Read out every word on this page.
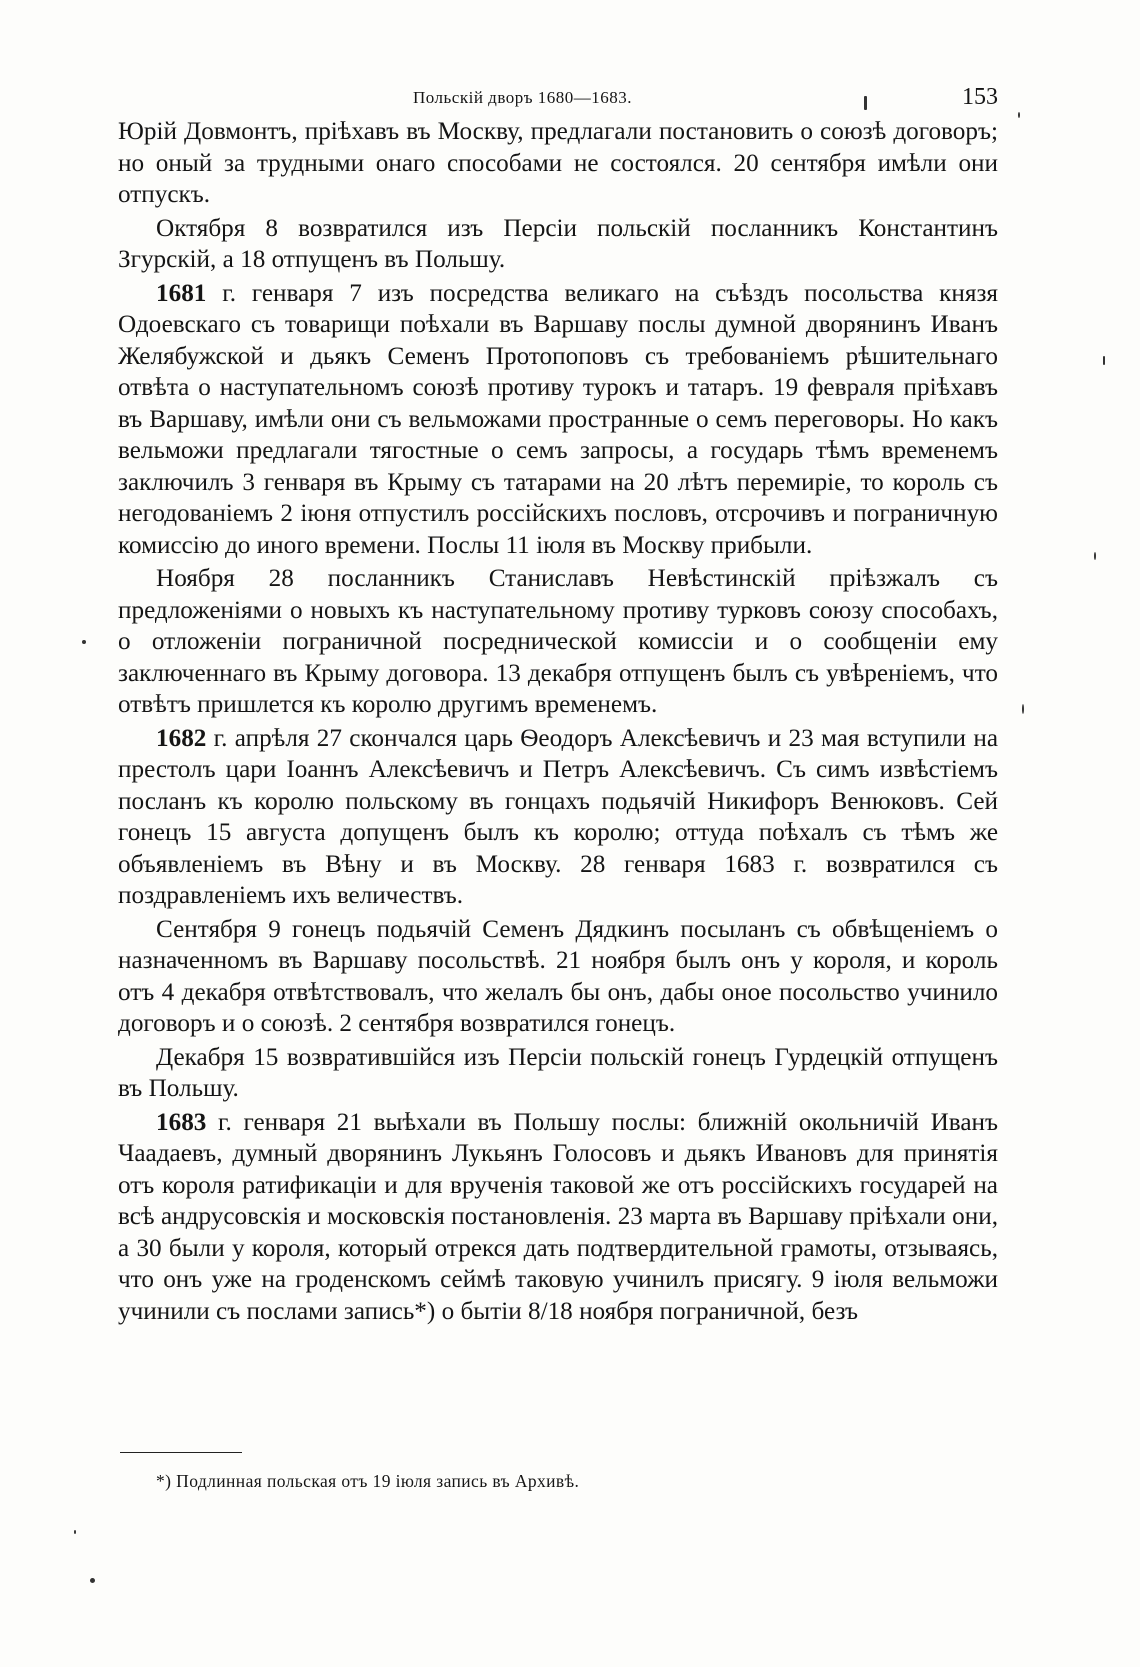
Польскій дворъ 1680—1683.	153

Юрій Довмонтъ, пріѣхавъ въ Москву, предлагали постановить о союзѣ договоръ; но оный за трудными онаго способами не состоялся. 20 сентября имѣли они отпускъ.

Октября 8 возвратился изъ Персіи польскій посланникъ Константинъ Згурскій, а 18 отпущенъ въ Польшу.

1681 г. генваря 7 изъ посредства великаго на съѣздъ посольства князя Одоевскаго съ товарищи поѣхали въ Варшаву послы думной дворянинъ Иванъ Желябужской и дьякъ Семенъ Протопоповъ съ требованіемъ рѣшительнаго отвѣта о наступательномъ союзѣ противу турокъ и татаръ. 19 февраля пріѣхавъ въ Варшаву, имѣли они съ вельможами пространные о семъ переговоры. Но какъ вельможи предлагали тягостные о семъ запросы, а государь тѣмъ временемъ заключилъ 3 генваря въ Крыму съ татарами на 20 лѣтъ перемиріе, то король съ негодованіемъ 2 іюня отпустилъ россійскихъ пословъ, отсрочивъ и пограничную комиссію до иного времени. Послы 11 іюля въ Москву прибыли.

Ноября 28 посланникъ Станиславъ Невѣстинскій пріѣзжалъ съ предложеніями о новыхъ къ наступательному противу турковъ союзу способахъ, о отложеніи пограничной посреднической комиссіи и о сообщеніи ему заключеннаго въ Крыму договора. 13 декабря отпущенъ былъ съ увѣреніемъ, что отвѣтъ пришлется къ королю другимъ временемъ.

1682 г. апрѣля 27 скончался царь Ѳеодоръ Алексѣевичъ и 23 мая вступили на престолъ цари Іоаннъ Алексѣевичъ и Петръ Алексѣевичъ. Съ симъ извѣстіемъ посланъ къ королю польскому въ гонцахъ подьячій Никифоръ Венюковъ. Сей гонецъ 15 августа допущенъ былъ къ королю; оттуда поѣхалъ съ тѣмъ же объявленіемъ въ Вѣну и въ Москву. 28 генваря 1683 г. возвратился съ поздравленіемъ ихъ величествъ.

Сентября 9 гонецъ подьячій Семенъ Дядкинъ посыланъ съ обвѣщеніемъ о назначенномъ въ Варшаву посольствѣ. 21 ноября былъ онъ у короля, и король отъ 4 декабря отвѣтствовалъ, что желалъ бы онъ, дабы оное посольство учинило договоръ и о союзѣ. 2 сентября возвратился гонецъ.

Декабря 15 возвратившійся изъ Персіи польскій гонецъ Гурдецкій отпущенъ въ Польшу.

1683 г. генваря 21 выѣхали въ Польшу послы: ближній окольничій Иванъ Чаадаевъ, думный дворянинъ Лукьянъ Голосовъ и дьякъ Ивановъ для принятія отъ короля ратификаціи и для врученія таковой же отъ россійскихъ государей на всѣ андрусовскія и московскія постановленія. 23 марта въ Варшаву пріѣхали они, а 30 были у короля, который отрекся дать подтвердительной грамоты, отзываясь, что онъ уже на гроденскомъ сеймѣ таковую учинилъ присягу. 9 іюля вельможи учинили съ послами запись*) о бытіи 8/18 ноября пограничной, безъ

*) Подлинная польская отъ 19 іюля запись въ Архивѣ.
